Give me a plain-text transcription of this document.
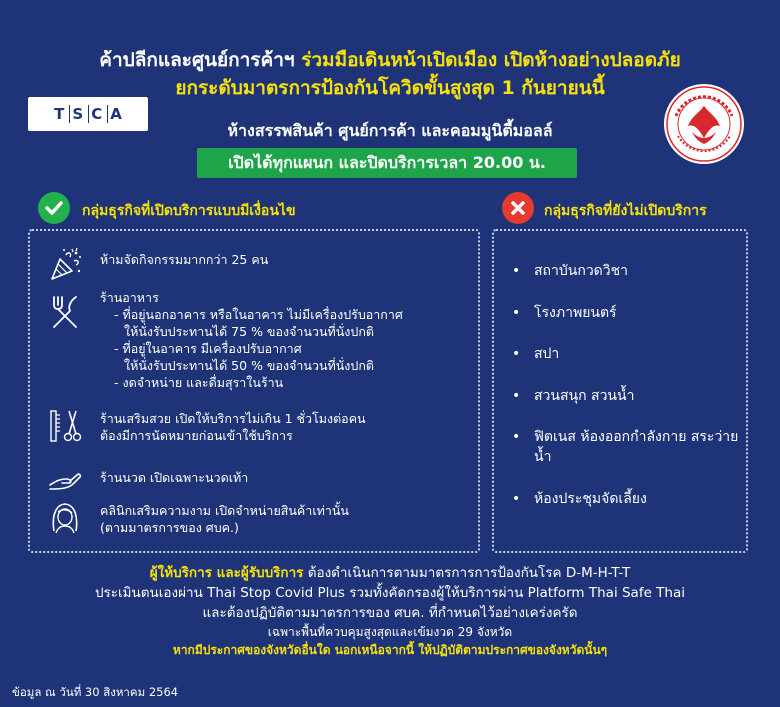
ค้าปลีกและศูนย์การค้าฯ ร่วมมือเดินหน้าเปิดเมือง เปิดห้างอย่างปลอดภัย
ยกระดับมาตรการป้องกันโควิดขั้นสูงสุด 1 กันยายนนี้
T S C A
ห้างสรรพสินค้า ศูนย์การค้า และคอมมูนิตี้มอลล์
เปิดได้ทุกแผนก และปิดบริการเวลา 20.00 น.
กลุ่มธุรกิจที่เปิดบริการแบบมีเงื่อนไข	กลุ่มธุรกิจที่ยังไม่เปิดบริการ
ห้ามจัดกิจกรรมมากกว่า 25 คน
ร้านอาหาร
- ที่อยู่นอกอาคาร หรือในอาคาร ไม่มีเครื่องปรับอากาศ
ให้นั่งรับประทานได้ 75 % ของจำนวนที่นั่งปกติ
- ที่อยู่ในอาคาร มีเครื่องปรับอากาศ
ให้นั่งรับประทานได้ 50 % ของจำนวนที่นั่งปกติ
- งดจำหน่าย และดื่มสุราในร้าน
ร้านเสริมสวย เปิดให้บริการไม่เกิน 1 ชั่วโมงต่อคน
ต้องมีการนัดหมายก่อนเข้าใช้บริการ
ร้านนวด เปิดเฉพาะนวดเท้า
คลินิกเสริมความงาม เปิดจำหน่ายสินค้าเท่านั้น
(ตามมาตรการของ ศบค.)
• สถาบันกวดวิชา
• โรงภาพยนตร์
• สปา
• สวนสนุก สวนน้ำ
• ฟิตเนส ห้องออกกำลังกาย สระว่ายน้ำ
• ห้องประชุมจัดเลี้ยง
ผู้ให้บริการ และผู้รับบริการ ต้องดำเนินการตามมาตรการการป้องกันโรค D-M-H-T-T
ประเมินตนเองผ่าน Thai Stop Covid Plus รวมทั้งคัดกรองผู้ให้บริการผ่าน Platform Thai Safe Thai
และต้องปฏิบัติตามมาตรการของ ศบค. ที่กำหนดไว้อย่างเคร่งครัด
เฉพาะพื้นที่ควบคุมสูงสุดและเข้มงวด 29 จังหวัด
หากมีประกาศของจังหวัดอื่นใด นอกเหนือจากนี้ ให้ปฏิบัติตามประกาศของจังหวัดนั้นๆ
ข้อมูล ณ วันที่ 30 สิงหาคม 2564
